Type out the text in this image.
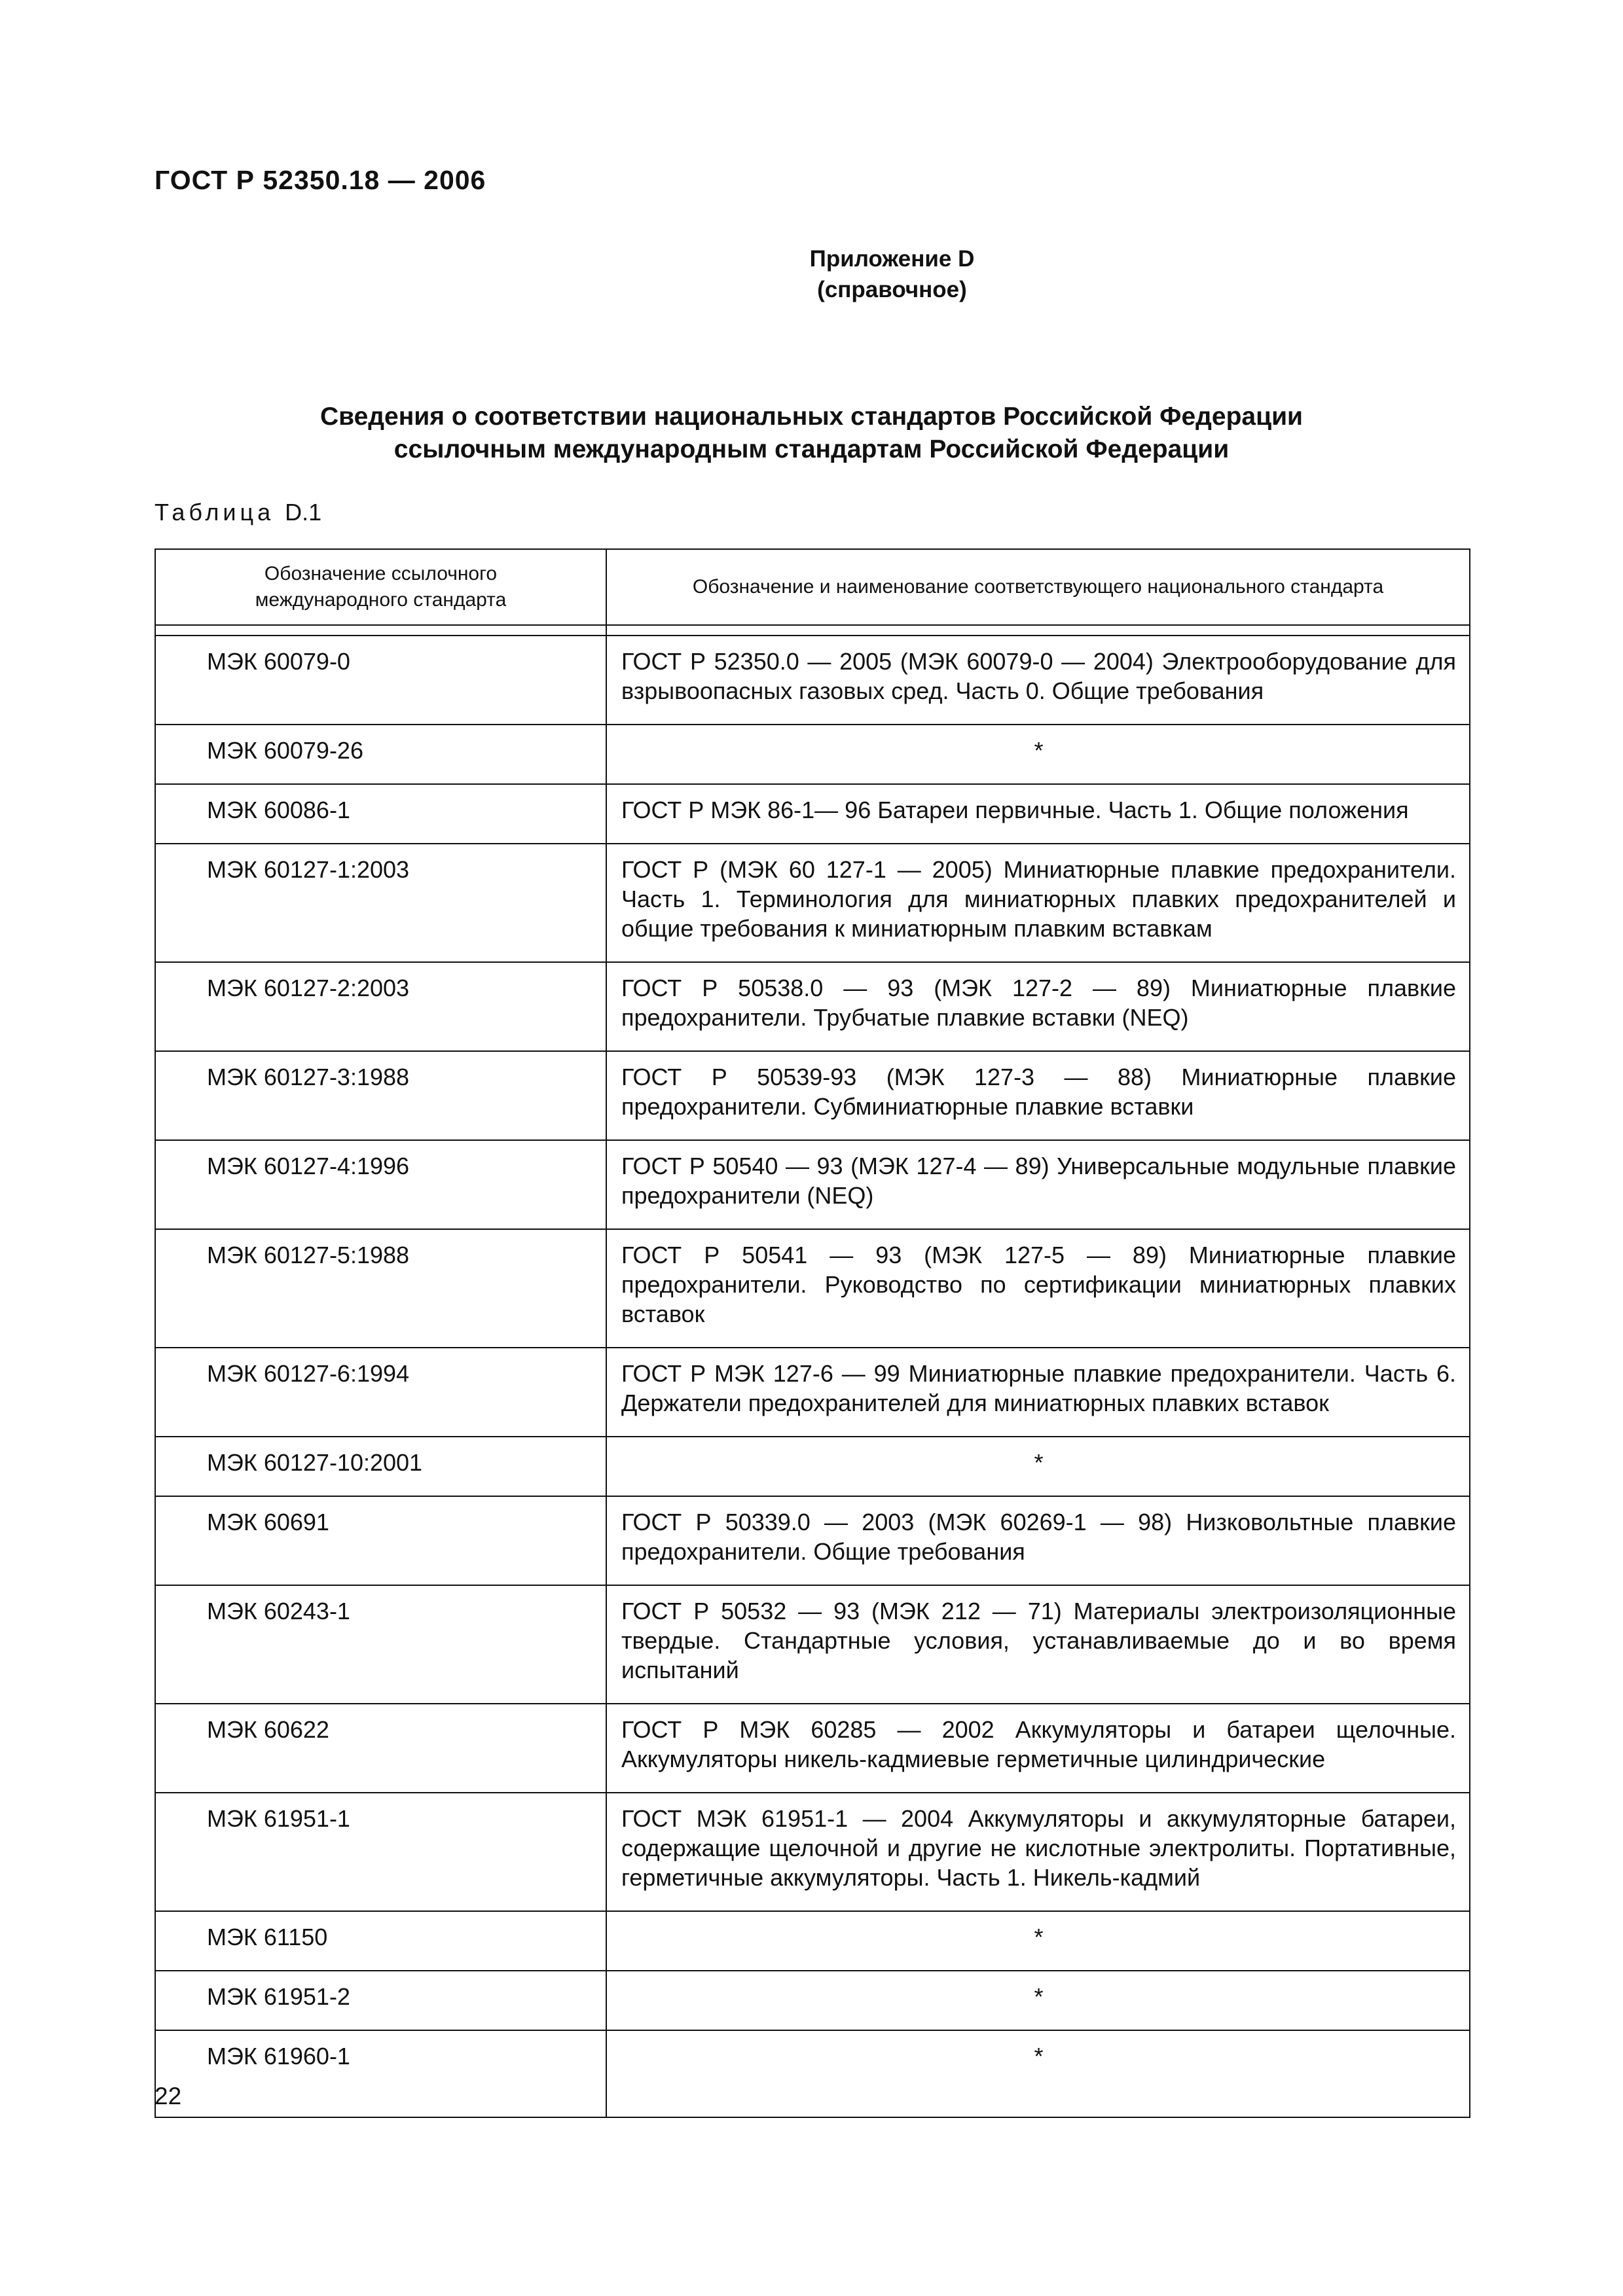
ГОСТ Р 52350.18 — 2006
Приложение D
(справочное)
Сведения о соответствии национальных стандартов Российской Федерации
ссылочным международным стандартам Российской Федерации
Таблица D.1
Обозначение ссылочного
международного стандарта	Обозначение и наименование соответствующего национального стандарта

МЭК 60079-0	ГОСТ Р 52350.0 — 2005 (МЭК 60079-0 — 2004) Электрооборудование для взрывоопасных газовых сред. Часть 0. Общие требования
МЭК 60079-26	*
МЭК 60086-1	ГОСТ Р МЭК 86-1— 96 Батареи первичные. Часть 1. Общие положения
МЭК 60127-1:2003	ГОСТ Р (МЭК 60 127-1 — 2005) Миниатюрные плавкие предохранители. Часть 1. Терминология для миниатюрных плавких предохранителей и общие требования к миниатюрным плавким вставкам
МЭК 60127-2:2003	ГОСТ Р 50538.0 — 93 (МЭК 127-2 — 89) Миниатюрные плавкие предохранители. Трубчатые плавкие вставки (NEQ)
МЭК 60127-3:1988	ГОСТ Р 50539-93 (МЭК 127-3 — 88) Миниатюрные плавкие предохранители. Субминиатюрные плавкие вставки
МЭК 60127-4:1996	ГОСТ Р 50540 — 93 (МЭК 127-4 — 89) Универсальные модульные плавкие предохранители (NEQ)
МЭК 60127-5:1988	ГОСТ Р 50541 — 93 (МЭК 127-5 — 89) Миниатюрные плавкие предохранители. Руководство по сертификации миниатюрных плавких вставок
МЭК 60127-6:1994	ГОСТ Р МЭК 127-6 — 99 Миниатюрные плавкие предохранители. Часть 6. Держатели предохранителей для миниатюрных плавких вставок
МЭК 60127-10:2001	*
МЭК 60691	ГОСТ Р 50339.0 — 2003 (МЭК 60269-1 — 98) Низковольтные плавкие предохранители. Общие требования
МЭК 60243-1	ГОСТ Р 50532 — 93 (МЭК 212 — 71) Материалы электроизоляционные твердые. Стандартные условия, устанавливаемые до и во время испытаний
МЭК 60622	ГОСТ Р МЭК 60285 — 2002 Аккумуляторы и батареи щелочные. Аккумуляторы никель-кадмиевые герметичные цилиндрические
МЭК 61951-1	ГОСТ МЭК 61951-1 — 2004 Аккумуляторы и аккумуляторные батареи, содержащие щелочной и другие не кислотные электролиты. Портативные, герметичные аккумуляторы. Часть 1. Никель-кадмий
МЭК 61150	*
МЭК 61951-2	*
МЭК 61960-1	*
22
